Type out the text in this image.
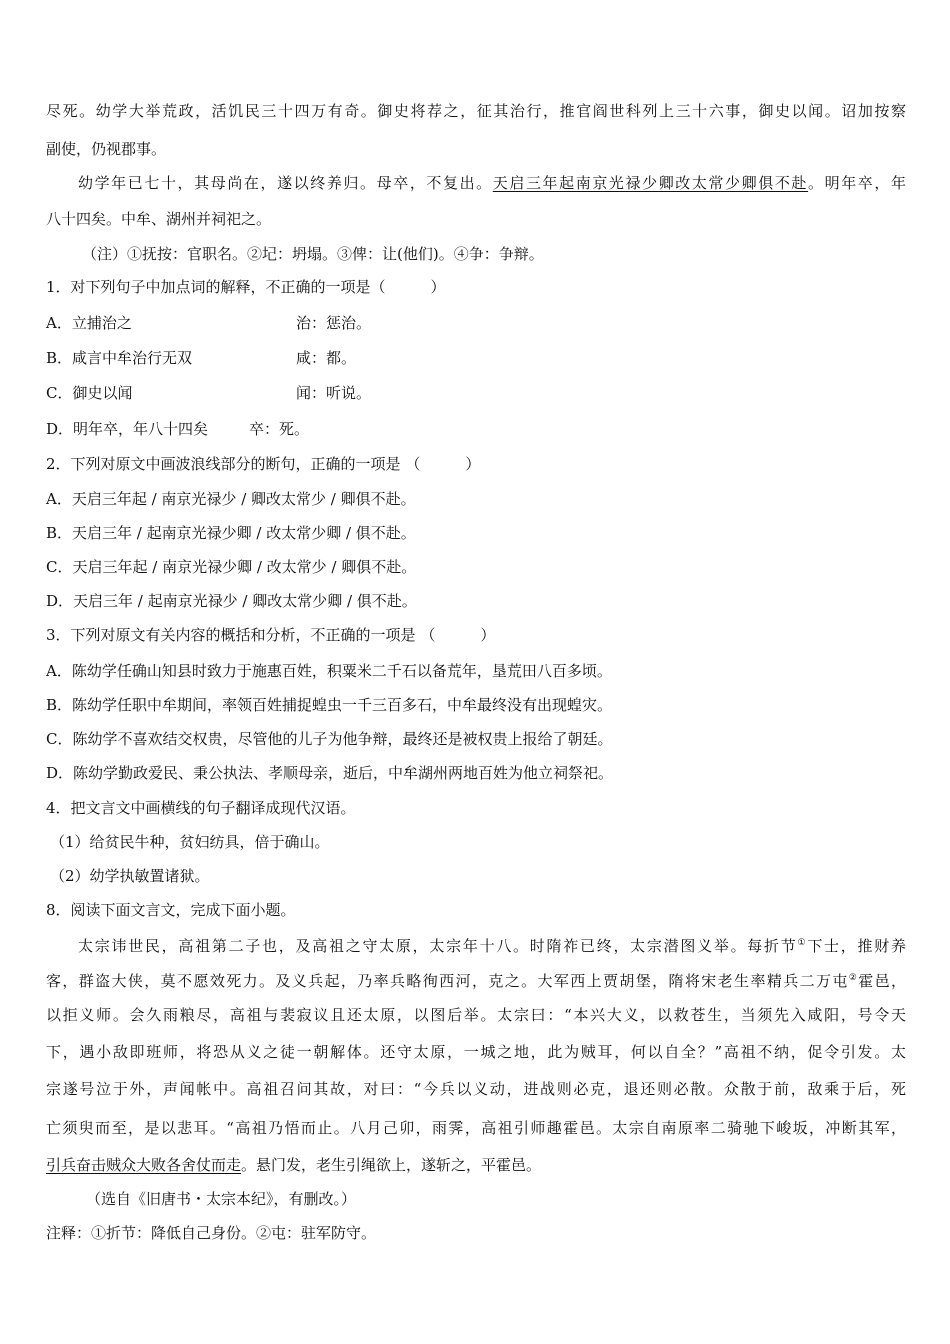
尽死。幼学大举荒政，活饥民三十四万有奇。御史将荐之，征其治行，推官阎世科列上三十六事，御史以闻。诏加按察
副使，仍视郡事。
幼学年已七十，其母尚在，遂以终养归。母卒，不复出。天启三年起南京光禄少卿改太常少卿俱不赴。明年卒，年
八十四矣。中牟、湖州并祠祀之。
（注）①抚按：官职名。②圮：坍塌。③俾：让(他们)。④争：争辩。
1．对下列句子中加点词的解释，不正确的一项是（　　　）
A．立捕治之	治：惩治。
B．咸言中牟治行无双	咸：都。
C．御史以闻	闻：听说。
D．明年卒，年八十四矣	卒：死。
2．下列对原文中画波浪线部分的断句，正确的一项是 （　　　）
A．天启三年起 / 南京光禄少 / 卿改太常少 / 卿俱不赴。
B．天启三年 / 起南京光禄少卿 / 改太常少卿 / 俱不赴。
C．天启三年起 / 南京光禄少卿 / 改太常少 / 卿俱不赴。
D．天启三年 / 起南京光禄少 / 卿改太常少卿 / 俱不赴。
3．下列对原文有关内容的概括和分析，不正确的一项是 （　　　）
A．陈幼学任确山知县时致力于施惠百姓，积粟米二千石以备荒年，垦荒田八百多顷。
B．陈幼学任职中牟期间，率领百姓捕捉蝗虫一千三百多石，中牟最终没有出现蝗灾。
C．陈幼学不喜欢结交权贵，尽管他的儿子为他争辩，最终还是被权贵上报给了朝廷。
D．陈幼学勤政爱民、秉公执法、孝顺母亲，逝后，中牟湖州两地百姓为他立祠祭祀。
4．把文言文中画横线的句子翻译成现代汉语。
（1）给贫民牛种，贫妇纺具，倍于确山。
（2）幼学执敏置诸狱。
8．阅读下面文言文，完成下面小题。
太宗讳世民，高祖第二子也，及高祖之守太原，太宗年十八。时隋祚已终，太宗潜图义举。每折节①下士，推财养
客，群盗大侠，莫不愿效死力。及义兵起，乃率兵略徇西河，克之。大军西上贾胡堡，隋将宋老生率精兵二万屯②霍邑，
以拒义师。会久雨粮尽，高祖与裴寂议且还太原，以图后举。太宗曰：“本兴大义，以救苍生，当须先入咸阳，号令天
下，遇小敌即班师，将恐从义之徒一朝解体。还守太原，一城之地，此为贼耳，何以自全？”高祖不纳，促令引发。太
宗遂号泣于外，声闻帐中。高祖召问其故，对曰：“今兵以义动，进战则必克，退还则必散。众散于前，敌乘于后，死
亡须臾而至，是以悲耳。“高祖乃悟而止。八月己卯，雨霁，高祖引师趣霍邑。太宗自南原率二骑驰下峻坂，冲断其军，
引兵奋击贼众大败各舍仗而走。悬门发，老生引绳欲上，遂斩之，平霍邑。
（选自《旧唐书・太宗本纪》，有删改。）
注释：①折节：降低自己身份。②屯：驻军防守。
